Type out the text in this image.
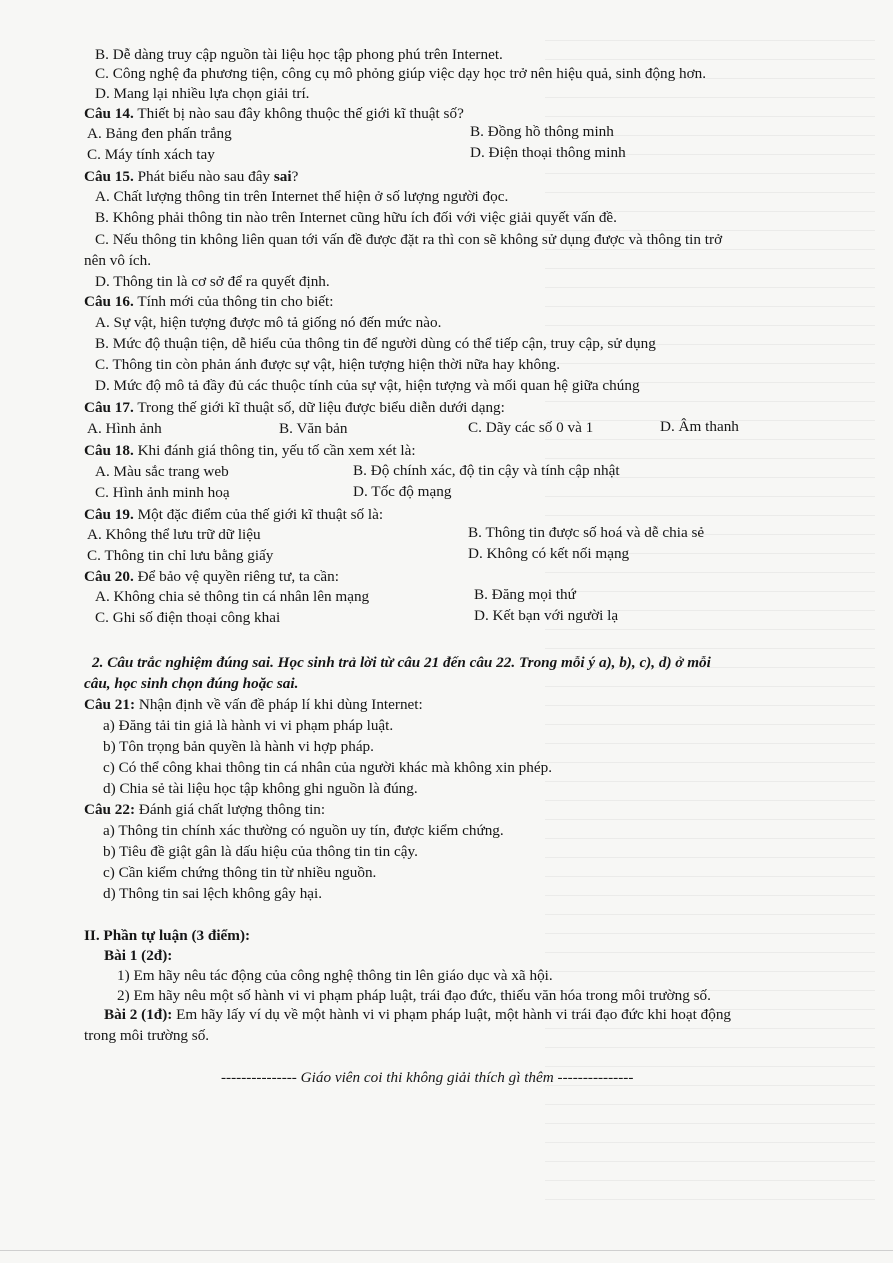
B. Dễ dàng truy cập nguồn tài liệu học tập phong phú trên Internet.
C. Công nghệ đa phương tiện, công cụ mô phỏng giúp việc dạy học trở nên hiệu quả, sinh động hơn.
D. Mang lại nhiều lựa chọn giải trí.
Câu 14. Thiết bị nào sau đây không thuộc thế giới kĩ thuật số?
A. Bảng đen phấn trắng	B. Đồng hồ thông minh
C. Máy tính xách tay	D. Điện thoại thông minh
Câu 15. Phát biểu nào sau đây sai?
A. Chất lượng thông tin trên Internet thể hiện ở số lượng người đọc.
B. Không phải thông tin nào trên Internet cũng hữu ích đối với việc giải quyết vấn đề.
C. Nếu thông tin không liên quan tới vấn đề được đặt ra thì con sẽ không sử dụng được và thông tin trở
nên vô ích.
D. Thông tin là cơ sở để ra quyết định.
Câu 16. Tính mới của thông tin cho biết:
A. Sự vật, hiện tượng được mô tả giống nó đến mức nào.
B. Mức độ thuận tiện, dễ hiểu của thông tin để người dùng có thể tiếp cận, truy cập, sử dụng
C. Thông tin còn phản ánh được sự vật, hiện tượng hiện thời nữa hay không.
D. Mức độ mô tả đầy đủ các thuộc tính của sự vật, hiện tượng và mối quan hệ giữa chúng
Câu 17. Trong thế giới kĩ thuật số, dữ liệu được biểu diễn dưới dạng:
A. Hình ảnh	B. Văn bản	C. Dãy các số 0 và 1	D. Âm thanh
Câu 18. Khi đánh giá thông tin, yếu tố cần xem xét là:
A. Màu sắc trang web	B. Độ chính xác, độ tin cậy và tính cập nhật
C. Hình ảnh minh hoạ	D. Tốc độ mạng
Câu 19. Một đặc điểm của thế giới kĩ thuật số là:
A. Không thể lưu trữ dữ liệu	B. Thông tin được số hoá và dễ chia sẻ
C. Thông tin chỉ lưu bằng giấy	D. Không có kết nối mạng
Câu 20. Để bảo vệ quyền riêng tư, ta cần:
A. Không chia sẻ thông tin cá nhân lên mạng	B. Đăng mọi thứ
C. Ghi số điện thoại công khai	D. Kết bạn với người lạ
2. Câu trắc nghiệm đúng sai. Học sinh trả lời từ câu 21 đến câu 22. Trong mỗi ý a), b), c), d) ở mỗi
câu, học sinh chọn đúng hoặc sai.
Câu 21: Nhận định về vấn đề pháp lí khi dùng Internet:
a) Đăng tải tin giả là hành vi vi phạm pháp luật.
b) Tôn trọng bản quyền là hành vi hợp pháp.
c) Có thể công khai thông tin cá nhân của người khác mà không xin phép.
d) Chia sẻ tài liệu học tập không ghi nguồn là đúng.
Câu 22: Đánh giá chất lượng thông tin:
a) Thông tin chính xác thường có nguồn uy tín, được kiểm chứng.
b) Tiêu đề giật gân là dấu hiệu của thông tin tin cậy.
c) Cần kiểm chứng thông tin từ nhiều nguồn.
d) Thông tin sai lệch không gây hại.
II. Phần tự luận (3 điểm):
Bài 1 (2đ):
1) Em hãy nêu tác động của công nghệ thông tin lên giáo dục và xã hội.
2) Em hãy nêu một số hành vi vi phạm pháp luật, trái đạo đức, thiếu văn hóa trong môi trường số.
Bài 2 (1đ): Em hãy lấy ví dụ về một hành vi vi phạm pháp luật, một hành vi trái đạo đức khi hoạt động
trong môi trường số.
--------------- Giáo viên coi thi không giải thích gì thêm ---------------
